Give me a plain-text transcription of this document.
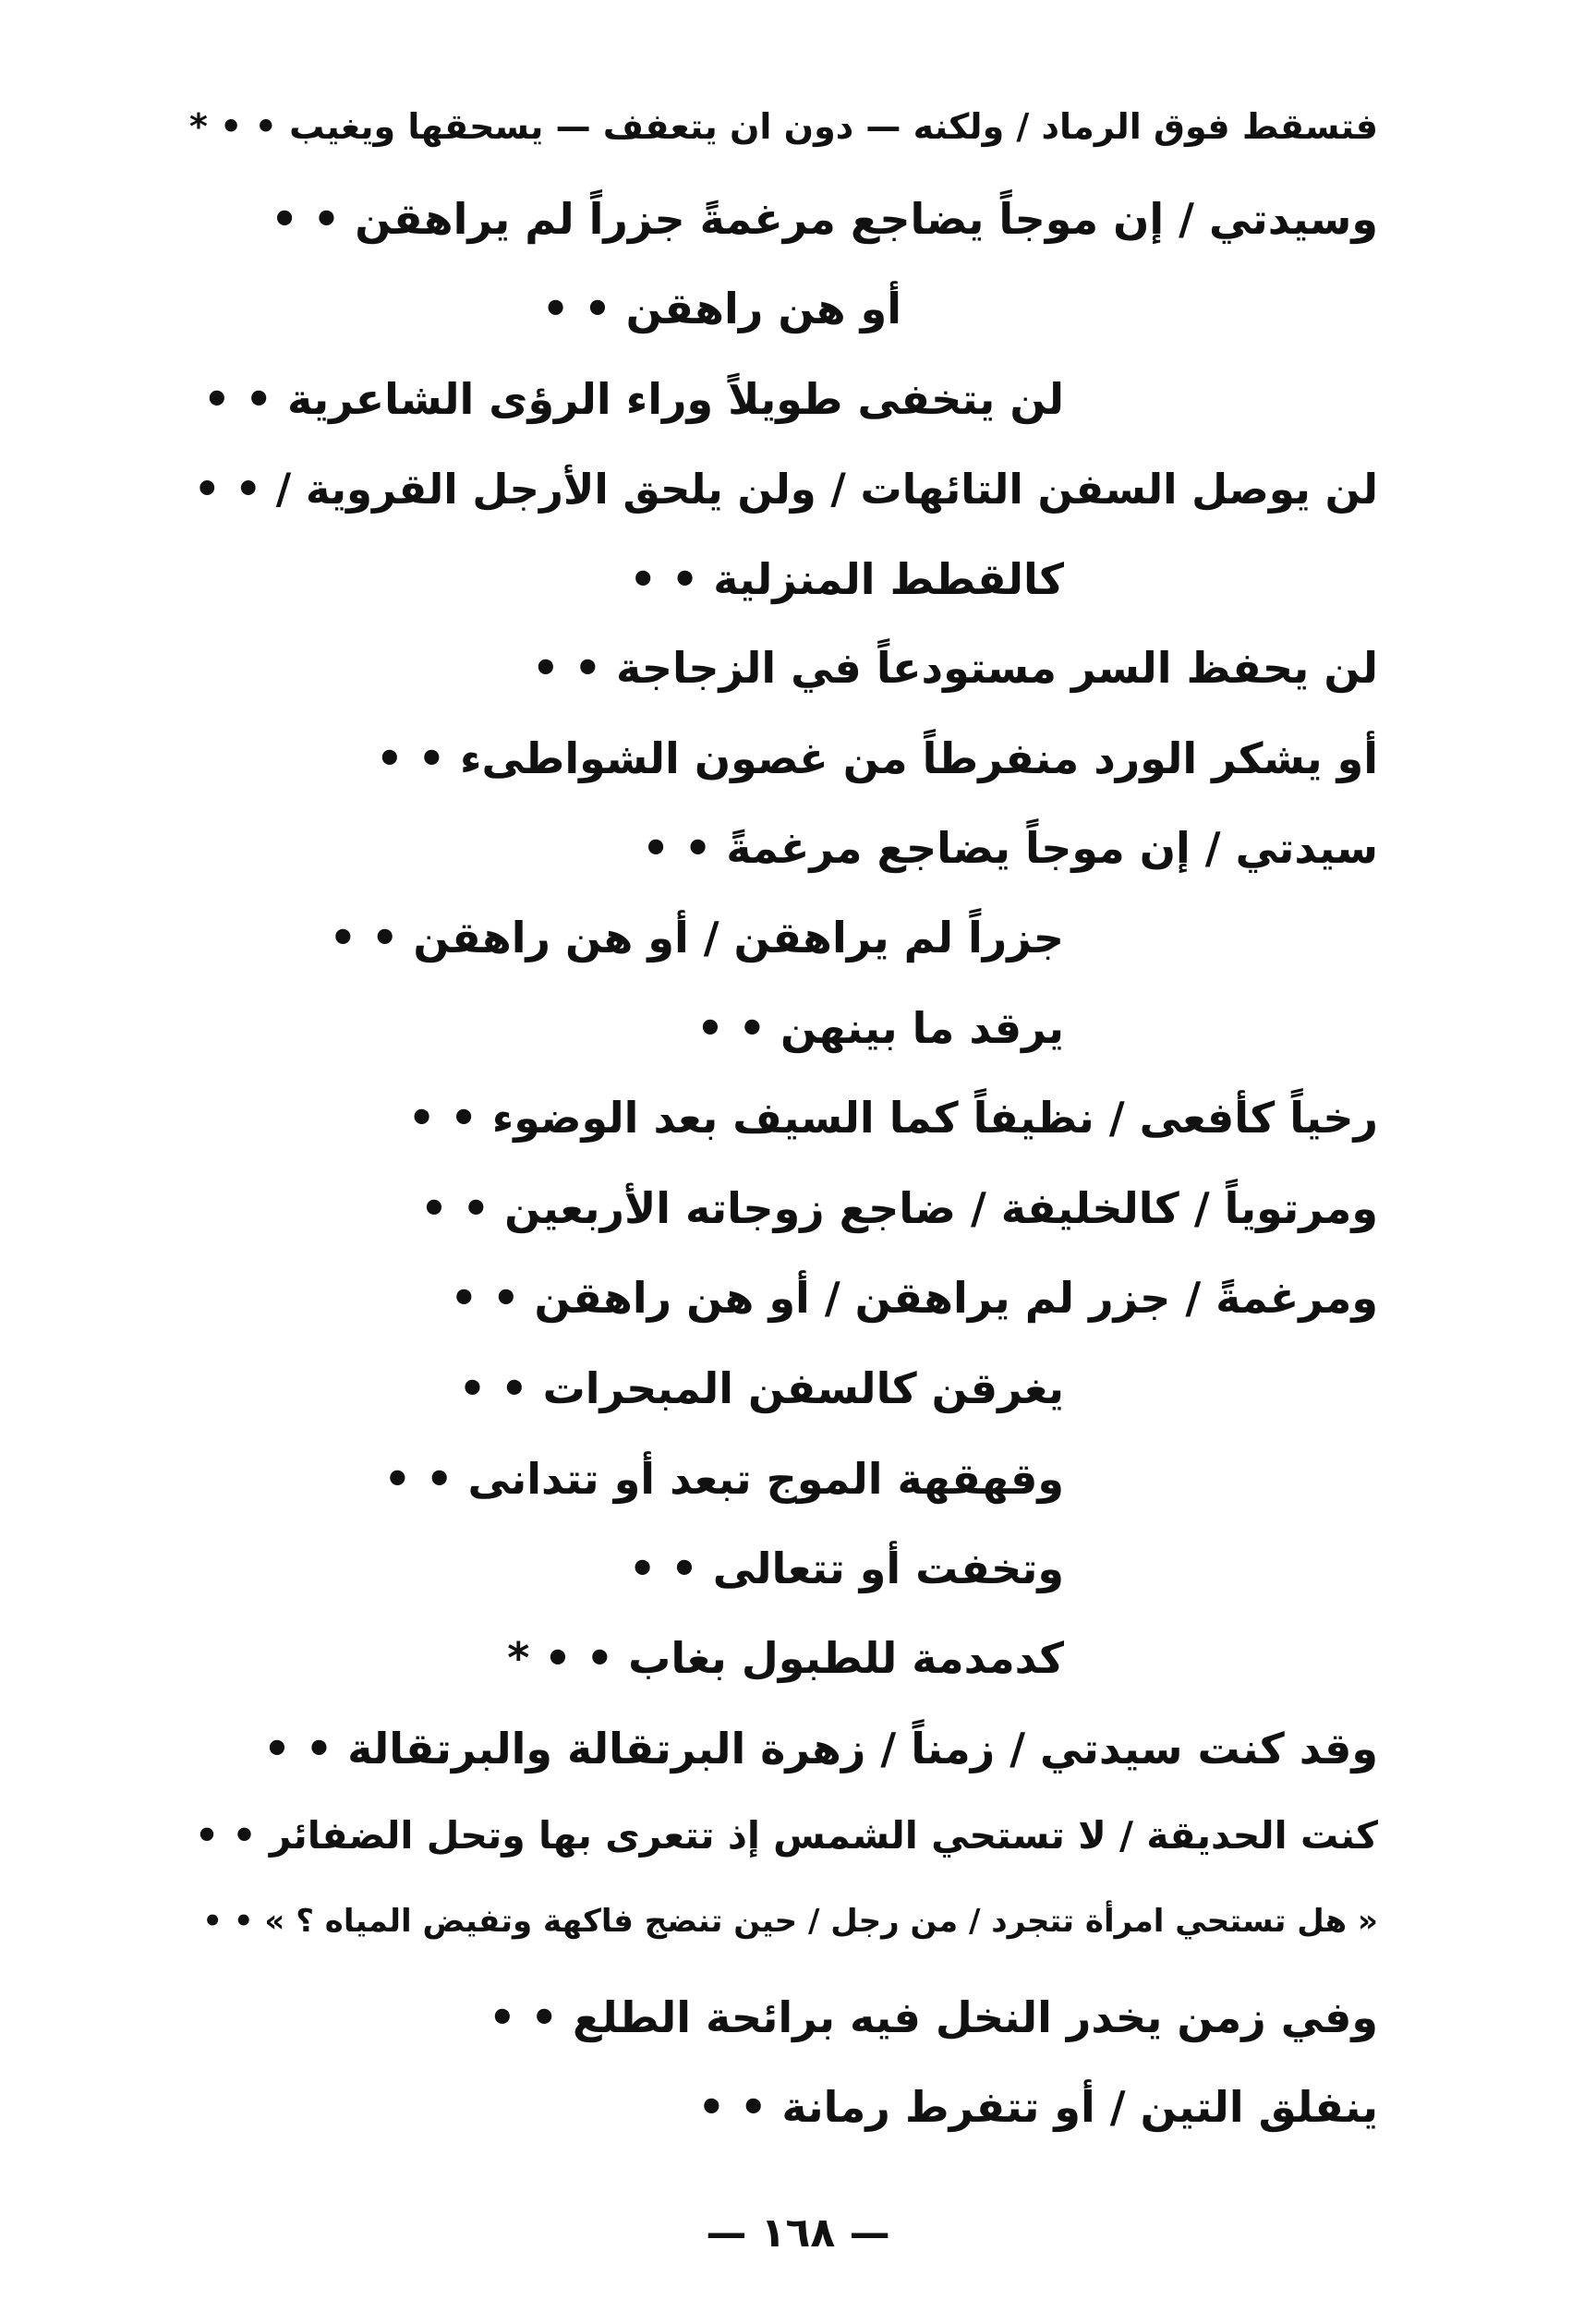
فتسقط فوق الرماد / ولكنه — دون ان يتعفف — يسحقها ويغيب • • *
وسيدتي / إن موجاً يضاجع مرغمةً جزراً لم يراهقن • •
أو هن راهقن • •
لن يتخفى طويلاً وراء الرؤى الشاعرية • •
لن يوصل السفن التائهات / ولن يلحق الأرجل القروية / • •
كالقطط المنزلية • •
لن يحفظ السر مستودعاً في الزجاجة • •
أو يشكر الورد منفرطاً من غصون الشواطىء • •
سيدتي / إن موجاً يضاجع مرغمةً • •
جزراً لم يراهقن / أو هن راهقن • •
يرقد ما بينهن • •
رخياً كأفعى / نظيفاً كما السيف بعد الوضوء • •
ومرتوياً / كالخليفة / ضاجع زوجاته الأربعين • •
ومرغمةً / جزر لم يراهقن / أو هن راهقن • •
يغرقن كالسفن المبحرات • •
وقهقهة الموج تبعد أو تتدانى • •
وتخفت أو تتعالى • •
كدمدمة للطبول بغاب • • *
وقد كنت سيدتي / زمناً / زهرة البرتقالة والبرتقالة • •
كنت الحديقة / لا تستحي الشمس إذ تتعرى بها وتحل الضفائر • •
« هل تستحي امرأة تتجرد / من رجل / حين تنضج فاكهة وتفيض المياه ؟ » • •
وفي زمن يخدر النخل فيه برائحة الطلع • •
ينفلق التين / أو تتفرط رمانة • •
— ١٦٨ —
